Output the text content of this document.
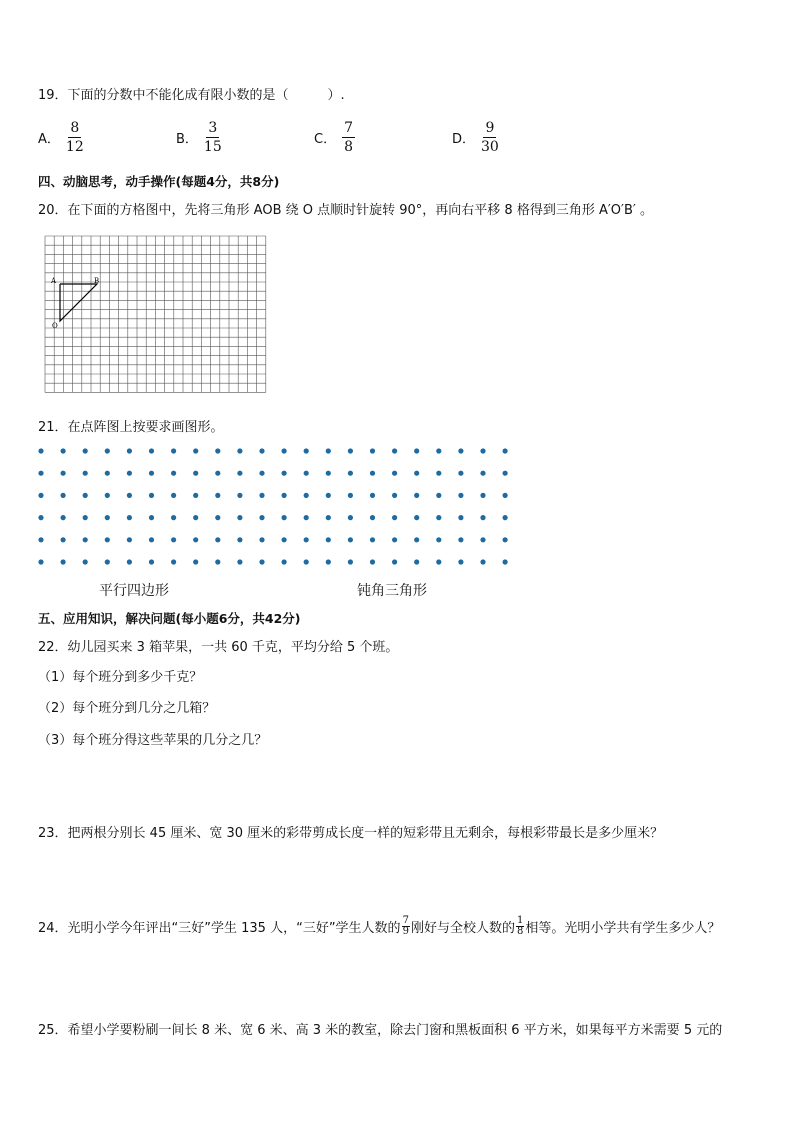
19．下面的分数中不能化成有限小数的是（　　　）.
A． $\frac{8}{12}$	B． $\frac{3}{15}$	C． $\frac{7}{8}$	D． $\frac{9}{30}$
四、动脑思考，动手操作(每题4分，共8分)
20．在下面的方格图中，先将三角形 AOB 绕 O 点顺时针旋转 90°，再向右平移 8 格得到三角形 A′O′B′ 。
A	B
O
21．在点阵图上按要求画图形。
平行四边形	钝角三角形
五、应用知识，解决问题(每小题6分，共42分)
22．幼儿园买来 3 箱苹果，一共 60 千克，平均分给 5 个班。
（1）每个班分到多少千克？
（2）每个班分到几分之几箱？
（3）每个班分得这些苹果的几分之几？
23．把两根分别长 45 厘米、宽 30 厘米的彩带剪成长度一样的短彩带且无剩余，每根彩带最长是多少厘米？
24．光明小学今年评出“三好”学生 135 人，“三好”学生人数的 $\frac{7}{9}$ 刚好与全校人数的 $\frac{1}{8}$ 相等。光明小学共有学生多少人？
25．希望小学要粉刷一间长 8 米、宽 6 米、高 3 米的教室，除去门窗和黑板面积 6 平方米，如果每平方米需要 5 元的
